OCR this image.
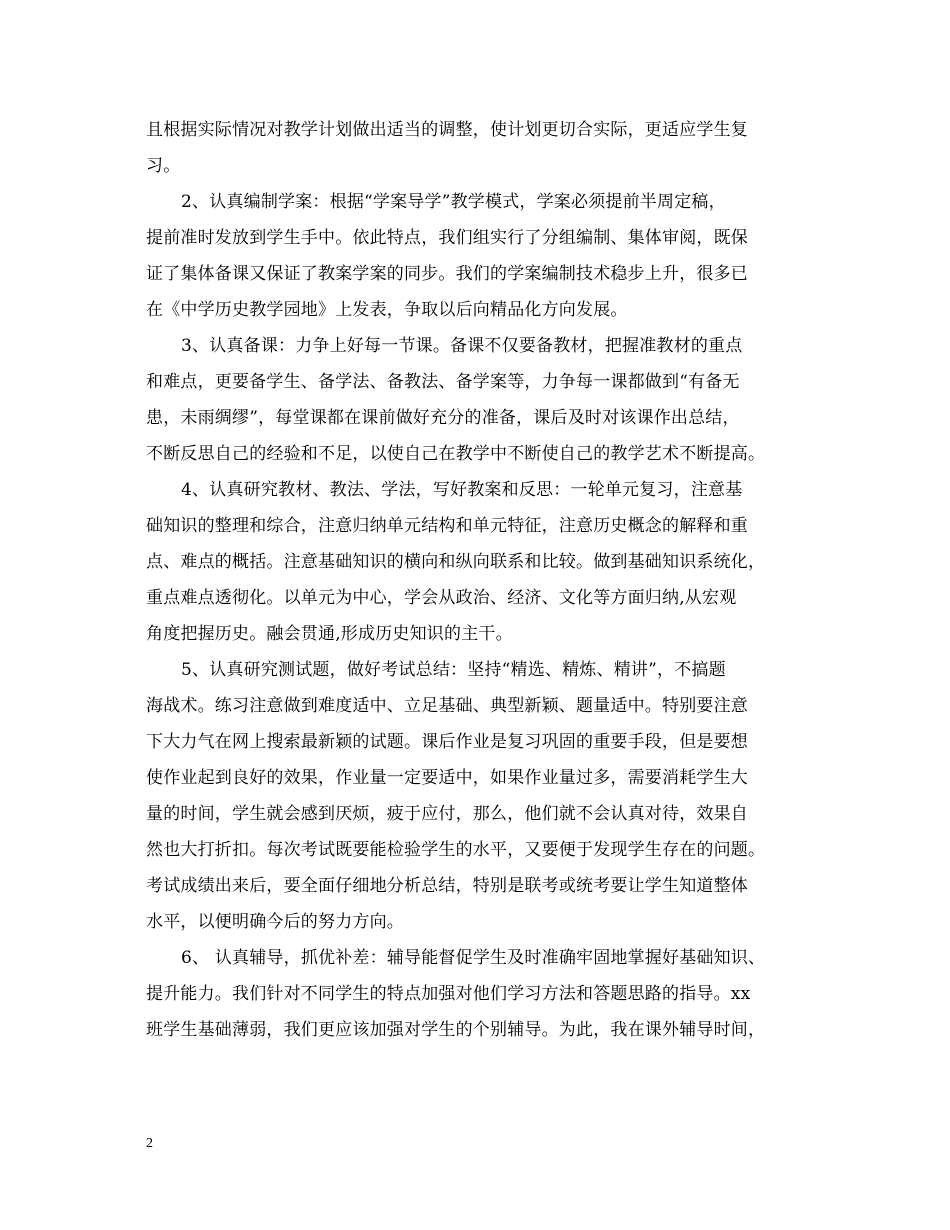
且根据实际情况对教学计划做出适当的调整，使计划更切合实际，更适应学生复
习。
2、认真编制学案：根据“学案导学”教学模式，学案必须提前半周定稿，
提前准时发放到学生手中。依此特点，我们组实行了分组编制、集体审阅，既保
证了集体备课又保证了教案学案的同步。我们的学案编制技术稳步上升，很多已
在《中学历史教学园地》上发表，争取以后向精品化方向发展。
3、认真备课：力争上好每一节课。备课不仅要备教材，把握准教材的重点
和难点，更要备学生、备学法、备教法、备学案等，力争每一课都做到“有备无
患，未雨绸缪”，每堂课都在课前做好充分的准备，课后及时对该课作出总结，
不断反思自己的经验和不足，以使自己在教学中不断使自己的教学艺术不断提高。
4、认真研究教材、教法、学法，写好教案和反思：一轮单元复习，注意基
础知识的整理和综合，注意归纳单元结构和单元特征，注意历史概念的解释和重
点、难点的概括。注意基础知识的横向和纵向联系和比较。做到基础知识系统化，
重点难点透彻化。以单元为中心，学会从政治、经济、文化等方面归纳,从宏观
角度把握历史。融会贯通,形成历史知识的主干。
5、认真研究测试题，做好考试总结：坚持“精选、精炼、精讲”，不搞题
海战术。练习注意做到难度适中、立足基础、典型新颖、题量适中。特别要注意
下大力气在网上搜索最新颖的试题。课后作业是复习巩固的重要手段，但是要想
使作业起到良好的效果，作业量一定要适中，如果作业量过多，需要消耗学生大
量的时间，学生就会感到厌烦，疲于应付，那么，他们就不会认真对待，效果自
然也大打折扣。每次考试既要能检验学生的水平，又要便于发现学生存在的问题。
考试成绩出来后，要全面仔细地分析总结，特别是联考或统考要让学生知道整体
水平，以便明确今后的努力方向。
6、 认真辅导，抓优补差：辅导能督促学生及时准确牢固地掌握好基础知识、
提升能力。我们针对不同学生的特点加强对他们学习方法和答题思路的指导。xx
班学生基础薄弱，我们更应该加强对学生的个别辅导。为此，我在课外辅导时间，
2
